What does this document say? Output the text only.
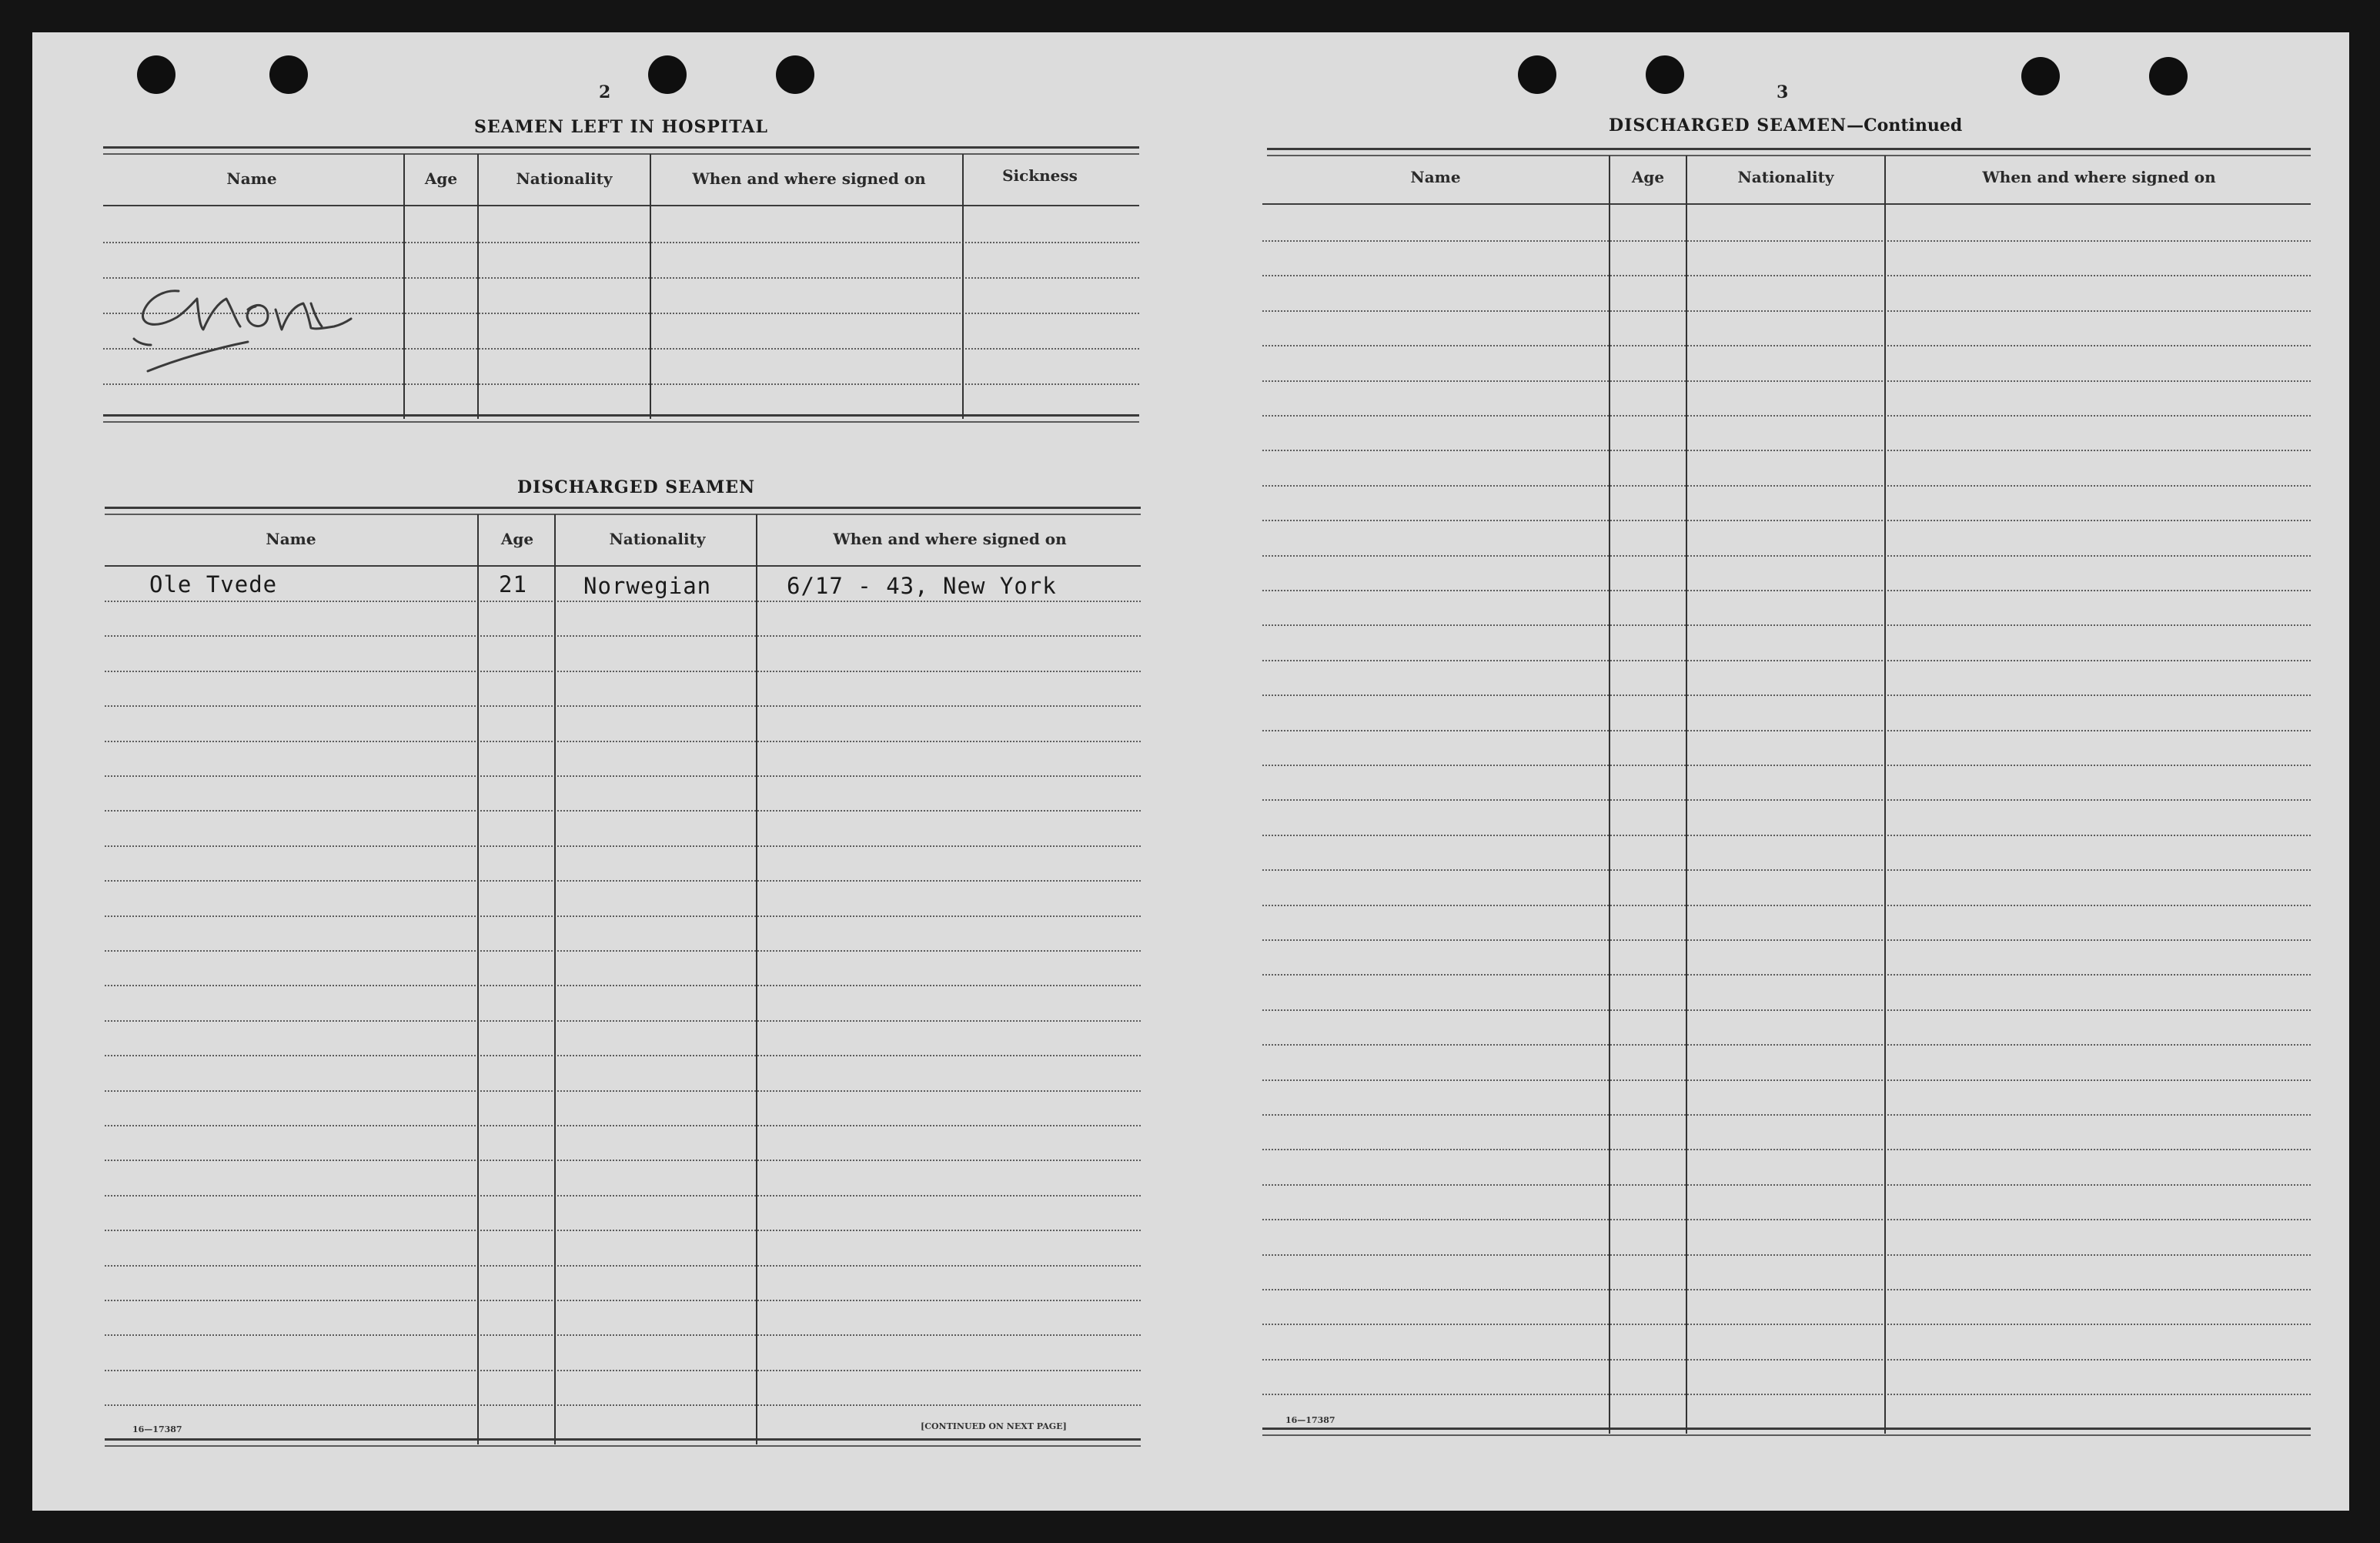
2
SEAMEN LEFT IN HOSPITAL
Name	Age	Nationality	When and where signed on	Sickness
None
DISCHARGED SEAMEN
Name	Age	Nationality	When and where signed on
Ole Tvede	21	Norwegian	6/17 - 43, New York
16—17387	[CONTINUED ON NEXT PAGE]
3
DISCHARGED SEAMEN—Continued
Name	Age	Nationality	When and where signed on
16—17387
